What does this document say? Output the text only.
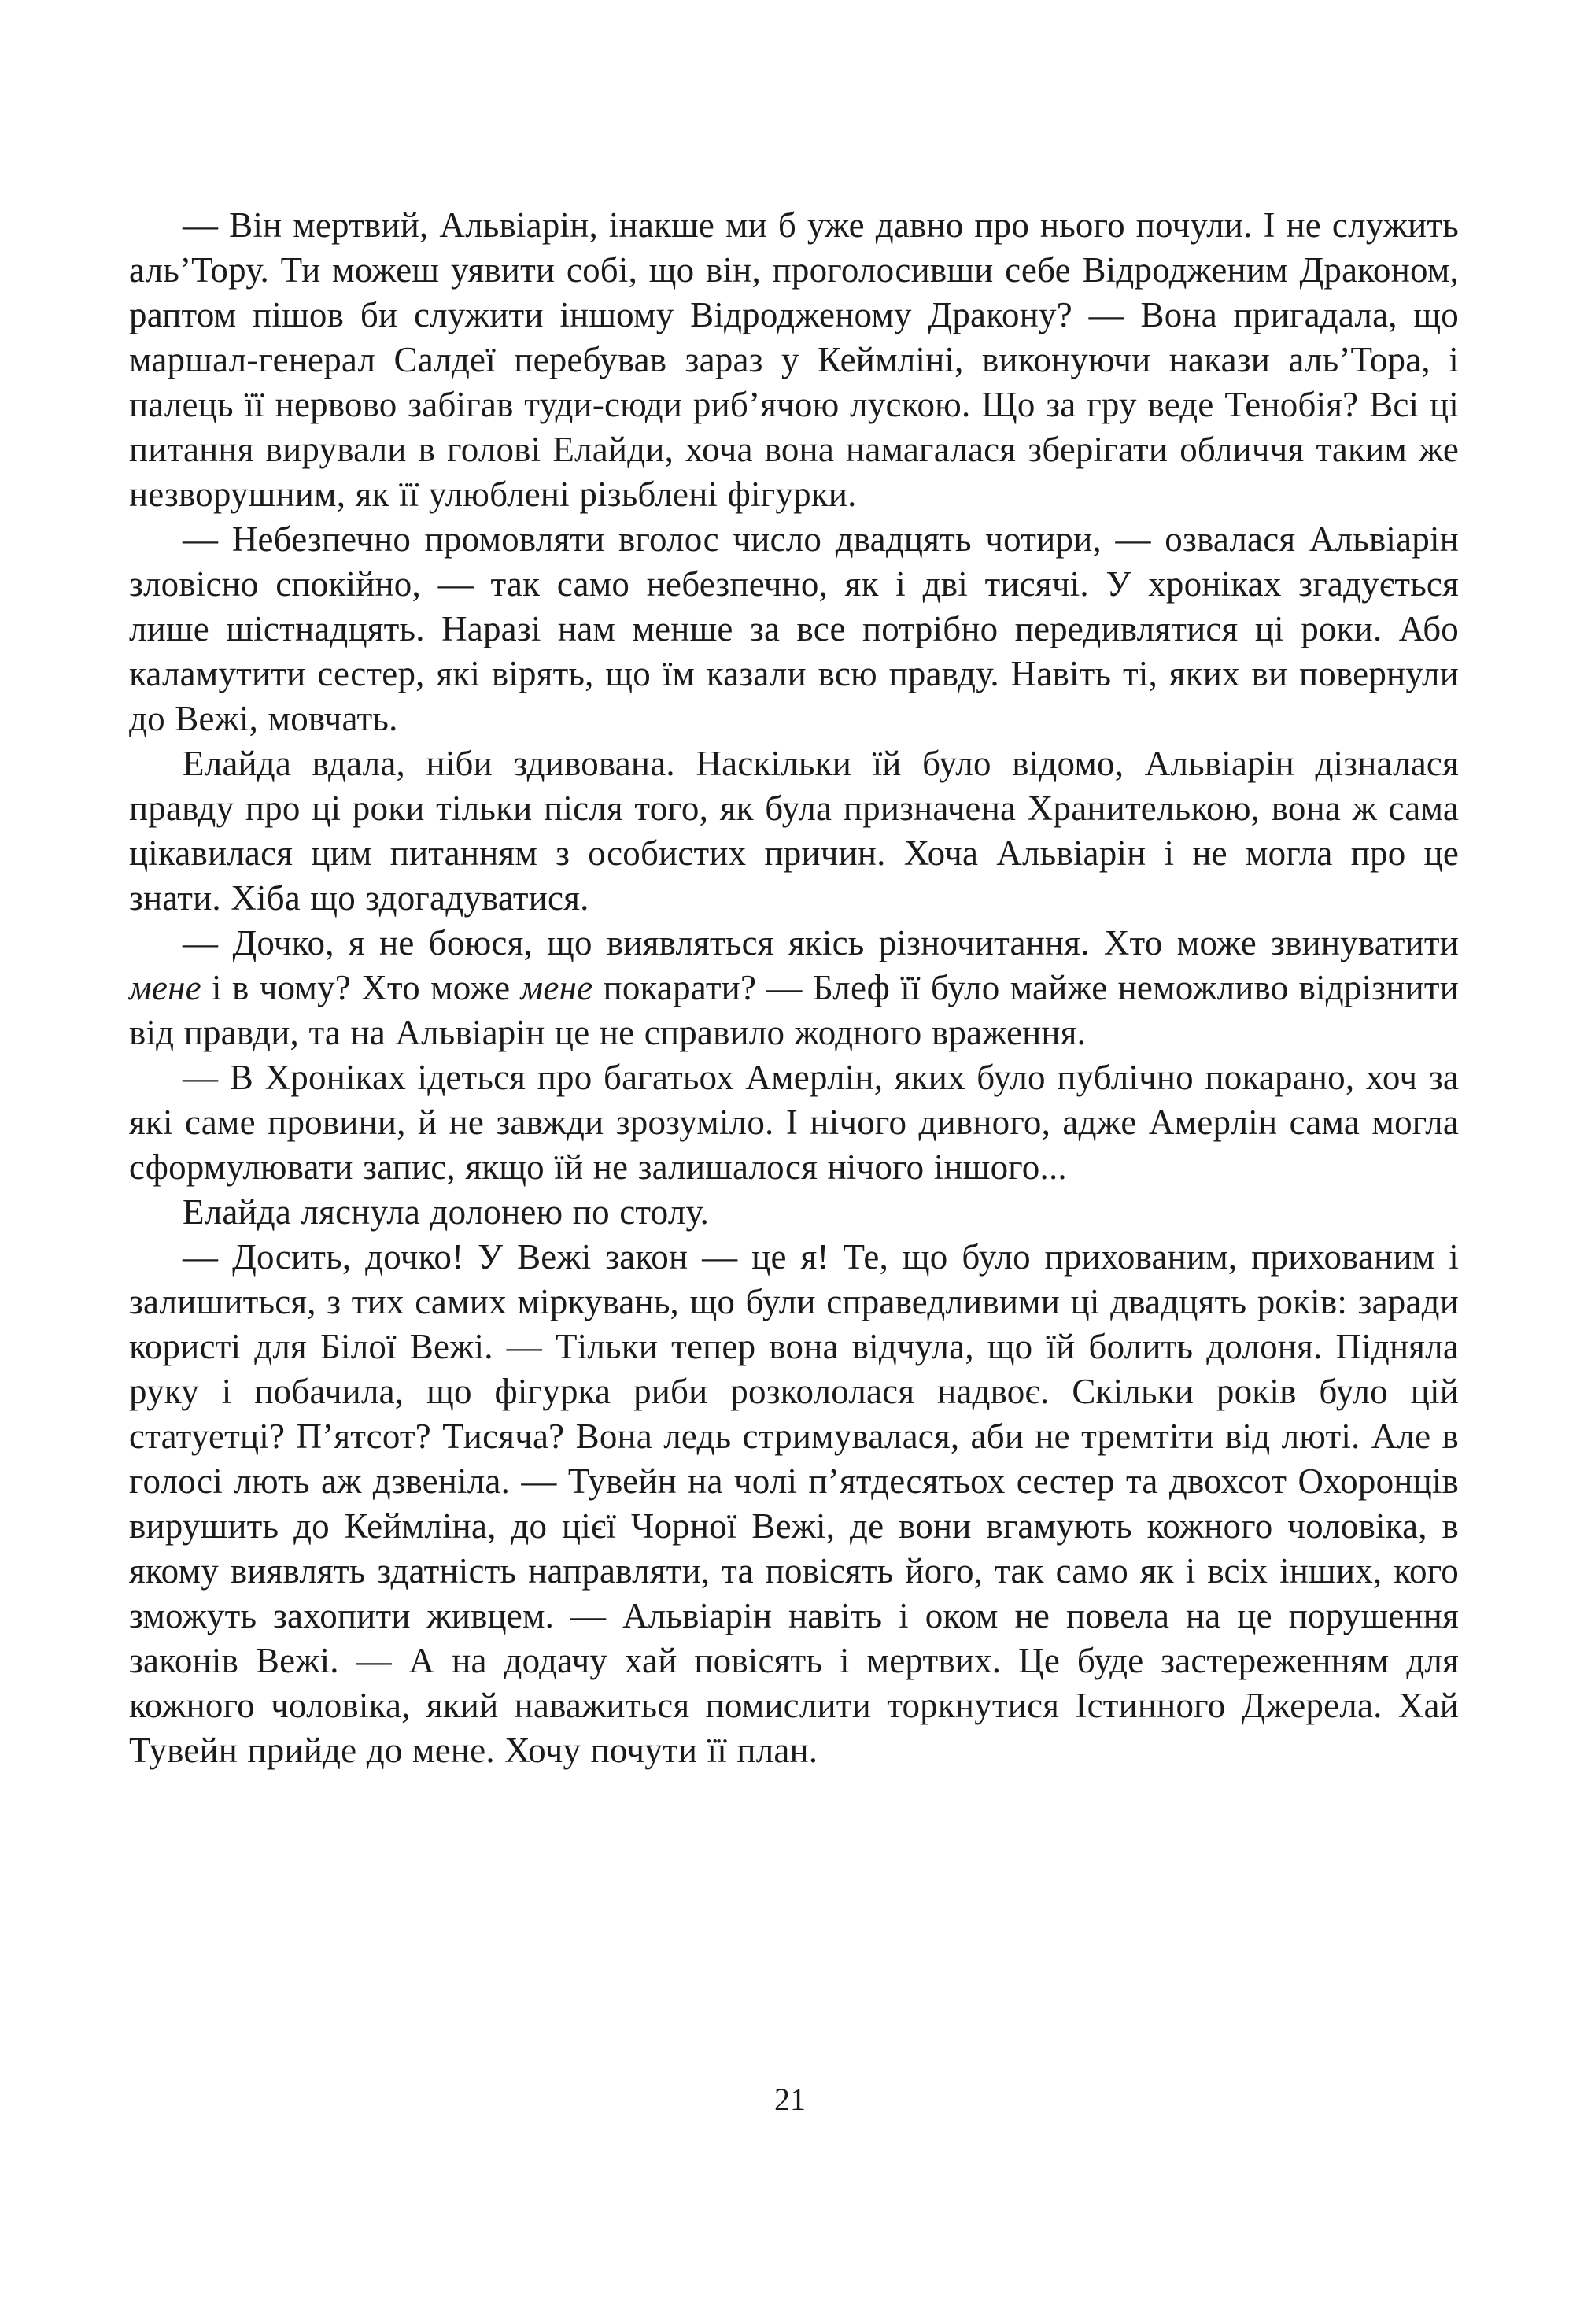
— Він мертвий, Альвіарін, інакше ми б уже давно про нього почули. І не служить аль’Тору. Ти можеш уявити собі, що він, проголосивши себе Відродженим Драконом, раптом пішов би служити іншому Відродженому Дракону? — Вона пригадала, що маршал-генерал Салдеї перебував зараз у Кеймліні, виконуючи накази аль’Тора, і палець її нервово забігав туди-сюди риб’ячою лускою. Що за гру веде Тенобія? Всі ці питання вирували в голові Елайди, хоча вона намагалася зберігати обличчя таким же незворушним, як її улюблені різьблені фігурки.

— Небезпечно промовляти вголос число двадцять чотири, — озвалася Альвіарін зловісно спокійно, — так само небезпечно, як і дві тисячі. У хроніках згадується лише шістнадцять. Наразі нам менше за все потрібно передивлятися ці роки. Або каламутити сестер, які вірять, що їм казали всю правду. Навіть ті, яких ви повернули до Вежі, мовчать.

Елайда вдала, ніби здивована. Наскільки їй було відомо, Альвіарін дізналася правду про ці роки тільки після того, як була призначена Хранителькою, вона ж сама цікавилася цим питанням з особистих причин. Хоча Альвіарін і не могла про це знати. Хіба що здогадуватися.

— Дочко, я не боюся, що виявляться якісь різночитання. Хто може звинуватити мене і в чому? Хто може мене покарати? — Блеф її було майже неможливо відрізнити від правди, та на Альвіарін це не справило жодного враження.

— В Хроніках ідеться про багатьох Амерлін, яких було публічно покарано, хоч за які саме провини, й не завжди зрозуміло. І нічого дивного, адже Амерлін сама могла сформулювати запис, якщо їй не залишалося нічого іншого...

Елайда ляснула долонею по столу.

— Досить, дочко! У Вежі закон — це я! Те, що було прихованим, прихованим і залишиться, з тих самих міркувань, що були справедливими ці двадцять років: заради користі для Білої Вежі. — Тільки тепер вона відчула, що їй болить долоня. Підняла руку і побачила, що фігурка риби розкололася надвоє. Скільки років було цій статуетці? П’ятсот? Тисяча? Вона ледь стримувалася, аби не тремтіти від люті. Але в голосі лють аж дзвеніла. — Тувейн на чолі п’ятдесятьох сестер та двохсот Охоронців вирушить до Кеймліна, до цієї Чорної Вежі, де вони вгамують кожного чоловіка, в якому виявлять здатність направляти, та повісять його, так само як і всіх інших, кого зможуть захопити живцем. — Альвіарін навіть і оком не повела на це порушення законів Вежі. — А на додачу хай повісять і мертвих. Це буде застереженням для кожного чоловіка, який наважиться помислити торкнутися Істинного Джерела. Хай Тувейн прийде до мене. Хочу почути її план.

21
